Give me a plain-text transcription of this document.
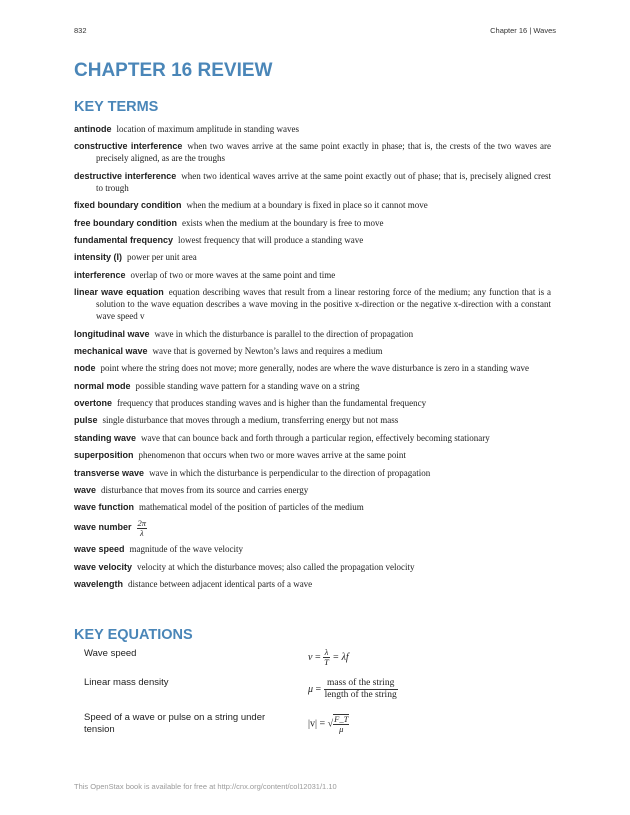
832	Chapter 16 | Waves
CHAPTER 16 REVIEW
KEY TERMS
antinode location of maximum amplitude in standing waves
constructive interference when two waves arrive at the same point exactly in phase; that is, the crests of the two waves are precisely aligned, as are the troughs
destructive interference when two identical waves arrive at the same point exactly out of phase; that is, precisely aligned crest to trough
fixed boundary condition when the medium at a boundary is fixed in place so it cannot move
free boundary condition exists when the medium at the boundary is free to move
fundamental frequency lowest frequency that will produce a standing wave
intensity (I) power per unit area
interference overlap of two or more waves at the same point and time
linear wave equation equation describing waves that result from a linear restoring force of the medium; any function that is a solution to the wave equation describes a wave moving in the positive x-direction or the negative x-direction with a constant wave speed v
longitudinal wave wave in which the disturbance is parallel to the direction of propagation
mechanical wave wave that is governed by Newton’s laws and requires a medium
node point where the string does not move; more generally, nodes are where the wave disturbance is zero in a standing wave
normal mode possible standing wave pattern for a standing wave on a string
overtone frequency that produces standing waves and is higher than the fundamental frequency
pulse single disturbance that moves through a medium, transferring energy but not mass
standing wave wave that can bounce back and forth through a particular region, effectively becoming stationary
superposition phenomenon that occurs when two or more waves arrive at the same point
transverse wave wave in which the disturbance is perpendicular to the direction of propagation
wave disturbance that moves from its source and carries energy
wave function mathematical model of the position of particles of the medium
wave number $\frac{2\pi}{\lambda}$
wave speed magnitude of the wave velocity
wave velocity velocity at which the disturbance moves; also called the propagation velocity
wavelength distance between adjacent identical parts of a wave
KEY EQUATIONS
Wave speed	$v = \frac{\lambda}{T} = \lambda f$
Linear mass density
$\mu = \frac{\text{mass of the string}}{\text{length of the string}}$
Speed of a wave or pulse on a string under tension
|v| = √ $\frac{F\_T}{\mu}$
This OpenStax book is available for free at http://cnx.org/content/col12031/1.10
